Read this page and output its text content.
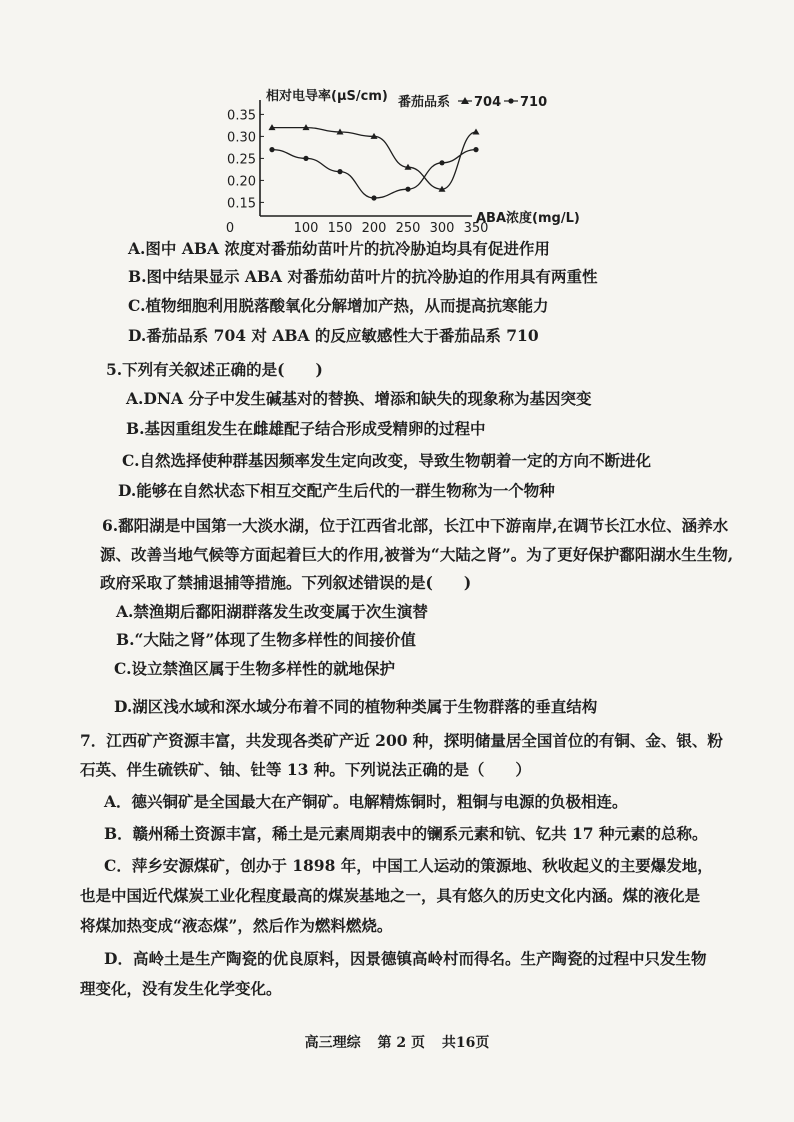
相对电导率(μS/cm) 番茄品系 704 710
ABA浓度(mg/L)
0.35
0.30
0.25
0.20
0.15
0	100 150 200 250 300 350
A.图中 ABA 浓度对番茄幼苗叶片的抗冷胁迫均具有促进作用
B.图中结果显示 ABA 对番茄幼苗叶片的抗冷胁迫的作用具有两重性
C.植物细胞利用脱落酸氧化分解增加产热，从而提高抗寒能力
D.番茄品系 704 对 ABA 的反应敏感性大于番茄品系 710
5.下列有关叙述正确的是(　　)
A.DNA 分子中发生碱基对的替换、增添和缺失的现象称为基因突变
B.基因重组发生在雌雄配子结合形成受精卵的过程中
C.自然选择使种群基因频率发生定向改变，导致生物朝着一定的方向不断进化
D.能够在自然状态下相互交配产生后代的一群生物称为一个物种
6.鄱阳湖是中国第一大淡水湖，位于江西省北部，长江中下游南岸,在调节长江水位、涵养水
源、改善当地气候等方面起着巨大的作用,被誉为“大陆之肾”。为了更好保护鄱阳湖水生生物,
政府采取了禁捕退捕等措施。下列叙述错误的是(　　)
A.禁渔期后鄱阳湖群落发生改变属于次生演替
B.“大陆之肾”体现了生物多样性的间接价值
C.设立禁渔区属于生物多样性的就地保护
D.湖区浅水域和深水域分布着不同的植物种类属于生物群落的垂直结构
7．江西矿产资源丰富，共发现各类矿产近 200 种，探明储量居全国首位的有铜、金、银、粉
石英、伴生硫铁矿、铀、钍等 13 种。下列说法正确的是（　　）
A．德兴铜矿是全国最大在产铜矿。电解精炼铜时，粗铜与电源的负极相连。
B．赣州稀土资源丰富，稀土是元素周期表中的镧系元素和钪、钇共 17 种元素的总称。
C．萍乡安源煤矿，创办于 1898 年，中国工人运动的策源地、秋收起义的主要爆发地，
也是中国近代煤炭工业化程度最高的煤炭基地之一，具有悠久的历史文化内涵。煤的液化是
将煤加热变成“液态煤”，然后作为燃料燃烧。
D．高岭土是生产陶瓷的优良原料，因景德镇高岭村而得名。生产陶瓷的过程中只发生物
理变化，没有发生化学变化。
高三理综 第 2 页 共16页
